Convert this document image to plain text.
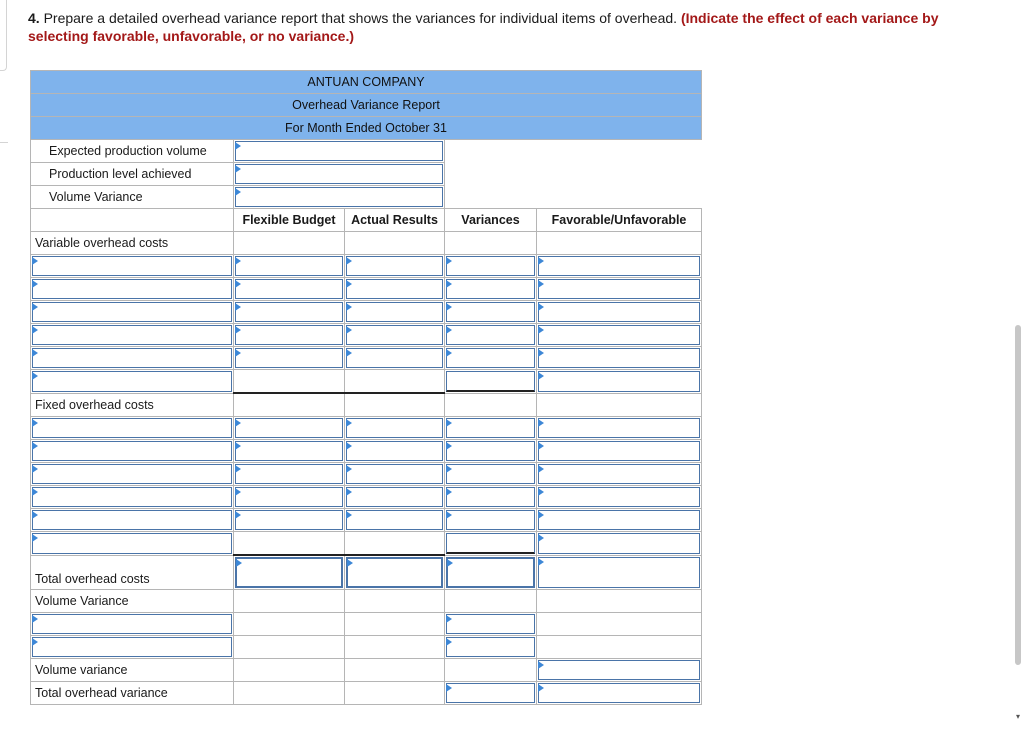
4. Prepare a detailed overhead variance report that shows the variances for individual items of overhead. (Indicate the effect of each variance by selecting favorable, unfavorable, or no variance.)
ANTUAN COMPANY				
Overhead Variance Report				
For Month Ended October 31				
Expected production volume			

Production level achieved			

Volume Variance			

	Flexible Budget	Actual Results	Variances	Favorable/Unfavorable
Variable overhead costs				

Fixed overhead costs				

Total overhead costs	

Volume Variance				

Volume variance				

Total overhead variance			

▾
